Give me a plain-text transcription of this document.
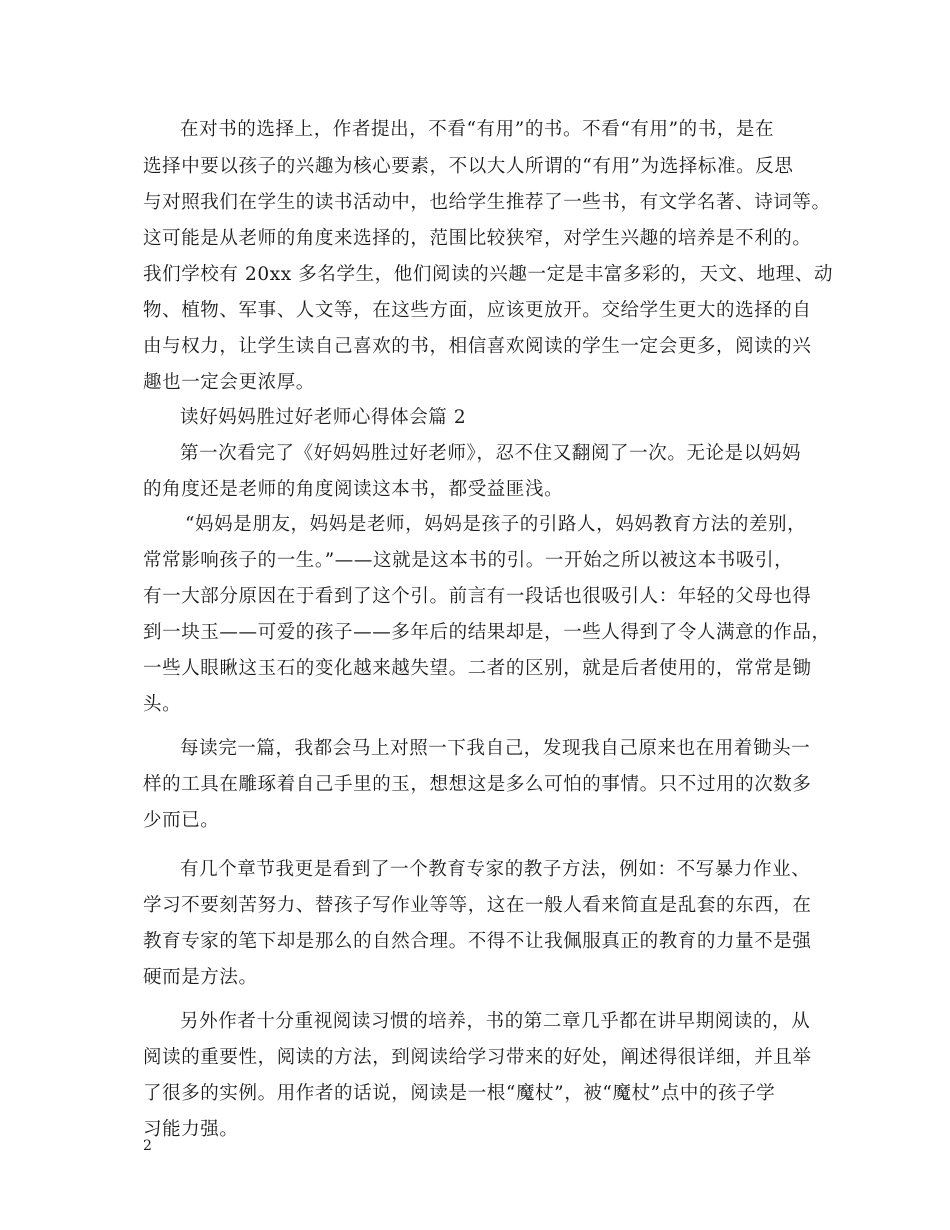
在对书的选择上，作者提出，不看“有用”的书。不看“有用”的书，是在
选择中要以孩子的兴趣为核心要素，不以大人所谓的“有用”为选择标准。反思
与对照我们在学生的读书活动中，也给学生推荐了一些书，有文学名著、诗词等。
这可能是从老师的角度来选择的，范围比较狭窄，对学生兴趣的培养是不利的。
我们学校有 20xx 多名学生，他们阅读的兴趣一定是丰富多彩的，天文、地理、动
物、植物、军事、人文等，在这些方面，应该更放开。交给学生更大的选择的自
由与权力，让学生读自己喜欢的书，相信喜欢阅读的学生一定会更多，阅读的兴
趣也一定会更浓厚。
读好妈妈胜过好老师心得体会篇 2
第一次看完了《好妈妈胜过好老师》，忍不住又翻阅了一次。无论是以妈妈
的角度还是老师的角度阅读这本书，都受益匪浅。
“妈妈是朋友，妈妈是老师，妈妈是孩子的引路人，妈妈教育方法的差别，
常常影响孩子的一生。”——这就是这本书的引。一开始之所以被这本书吸引，
有一大部分原因在于看到了这个引。前言有一段话也很吸引人：年轻的父母也得
到一块玉——可爱的孩子——多年后的结果却是，一些人得到了令人满意的作品，
一些人眼瞅这玉石的变化越来越失望。二者的区别，就是后者使用的，常常是锄
头。
每读完一篇，我都会马上对照一下我自己，发现我自己原来也在用着锄头一
样的工具在雕琢着自己手里的玉，想想这是多么可怕的事情。只不过用的次数多
少而已。
有几个章节我更是看到了一个教育专家的教子方法，例如：不写暴力作业、
学习不要刻苦努力、替孩子写作业等等，这在一般人看来简直是乱套的东西，在
教育专家的笔下却是那么的自然合理。不得不让我佩服真正的教育的力量不是强
硬而是方法。
另外作者十分重视阅读习惯的培养，书的第二章几乎都在讲早期阅读的，从
阅读的重要性，阅读的方法，到阅读给学习带来的好处，阐述得很详细，并且举
了很多的实例。用作者的话说，阅读是一根“魔杖”，被“魔杖”点中的孩子学
习能力强。
2
